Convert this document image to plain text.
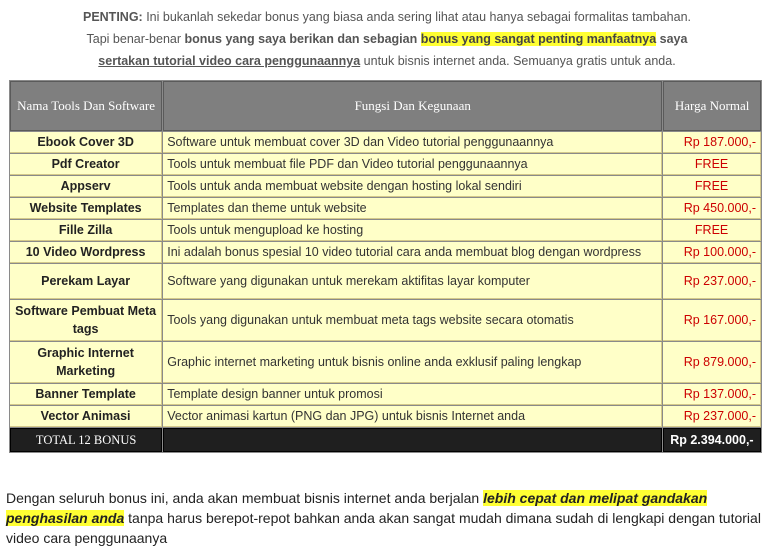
PENTING: Ini bukanlah sekedar bonus yang biasa anda sering lihat atau hanya sebagai formalitas tambahan.
Tapi benar-benar bonus yang saya berikan dan sebagian bonus yang sangat penting manfaatnya saya
sertakan tutorial video cara penggunaannya untuk bisnis internet anda. Semuanya gratis untuk anda.
Nama Tools Dan Software	Fungsi Dan Kegunaan	Harga Normal
Ebook Cover 3D	Software untuk membuat cover 3D dan Video tutorial penggunaannya	Rp 187.000,-
Pdf Creator	Tools untuk membuat file PDF dan Video tutorial penggunaannya	FREE
Appserv	Tools untuk anda membuat website dengan hosting lokal sendiri	FREE
Website Templates	Templates dan theme untuk website	Rp 450.000,-
Fille Zilla	Tools untuk mengupload ke hosting	FREE
10 Video Wordpress	Ini adalah bonus spesial 10 video tutorial cara anda membuat blog dengan wordpress	Rp 100.000,-
Perekam Layar	Software yang digunakan untuk merekam aktifitas layar komputer	Rp 237.000,-
Software Pembuat Meta tags	Tools yang digunakan untuk membuat meta tags website secara otomatis	Rp 167.000,-
Graphic Internet Marketing	Graphic internet marketing untuk bisnis online anda exklusif paling lengkap	Rp 879.000,-
Banner Template	Template design banner untuk promosi	Rp 137.000,-
Vector Animasi	Vector animasi kartun (PNG dan JPG) untuk bisnis Internet anda	Rp 237.000,-
TOTAL 12 BONUS		Rp 2.394.000,-
Dengan seluruh bonus ini, anda akan membuat bisnis internet anda berjalan lebih cepat dan melipat gandakan penghasilan anda tanpa harus berepot-repot bahkan anda akan sangat mudah dimana sudah di lengkapi dengan tutorial video cara penggunaanya
